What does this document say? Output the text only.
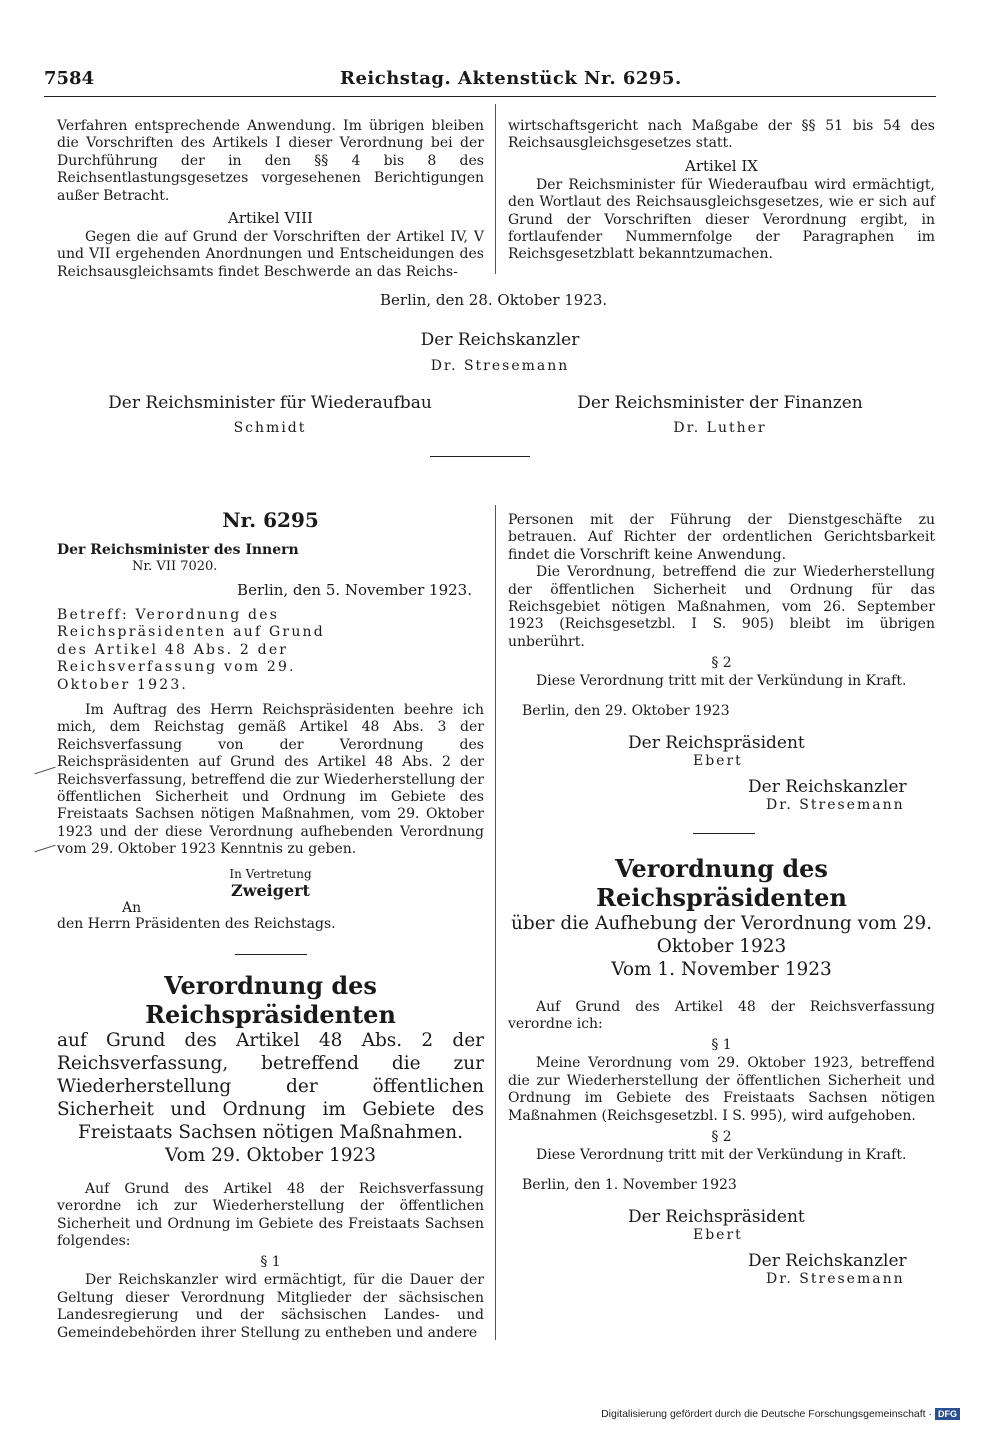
7584	Reichstag. Aktenstück Nr. 6295.

Verfahren entsprechende Anwendung. Im übrigen bleiben die Vorschriften des Artikels I dieser Verordnung bei der Durchführung der in den §§ 4 bis 8 des Reichsentlastungsgesetzes vorgesehenen Berichtigungen außer Betracht.

Artikel VIII

Gegen die auf Grund der Vorschriften der Artikel IV, V und VII ergehenden Anordnungen und Entscheidungen des Reichsausgleichsamts findet Beschwerde an das Reichs-

wirtschaftsgericht nach Maßgabe der §§ 51 bis 54 des Reichsausgleichsgesetzes statt.

Artikel IX

Der Reichsminister für Wiederaufbau wird ermächtigt, den Wortlaut des Reichsausgleichsgesetzes, wie er sich auf Grund der Vorschriften dieser Verordnung ergibt, in fortlaufender Nummernfolge der Paragraphen im Reichsgesetzblatt bekanntzumachen.

Berlin, den 28. Oktober 1923.
Der Reichskanzler
Dr. Stresemann
Der Reichsminister für Wiederaufbau
Schmidt
Der Reichsminister der Finanzen
Dr. Luther
Nr. 6295
Der Reichsminister des Innern
Nr. VII 7020.
Berlin, den 5. November 1923.

Betreff: Verordnung des Reichspräsidenten auf Grund des Artikel 48 Abs. 2 der Reichsverfassung vom 29. Oktober 1923.

Im Auftrag des Herrn Reichspräsidenten beehre ich mich, dem Reichstag gemäß Artikel 48 Abs. 3 der Reichsverfassung von der Verordnung des Reichspräsidenten auf Grund des Artikel 48 Abs. 2 der Reichsverfassung, betreffend die zur Wiederherstellung der öffentlichen Sicherheit und Ordnung im Gebiete des Freistaats Sachsen nötigen Maßnahmen, vom 29. Oktober 1923 und der diese Verordnung aufhebenden Verordnung vom 29. Oktober 1923 Kenntnis zu geben.

In Vertretung
Zweigert
An
den Herrn Präsidenten des Reichstags.
Verordnung des Reichspräsidenten
auf Grund des Artikel 48 Abs. 2 der Reichsverfassung, betreffend die zur Wiederherstellung der öffentlichen Sicherheit und Ordnung im Gebiete des Freistaats Sachsen nötigen Maßnahmen.
Vom 29. Oktober 1923

Auf Grund des Artikel 48 der Reichsverfassung verordne ich zur Wiederherstellung der öffentlichen Sicherheit und Ordnung im Gebiete des Freistaats Sachsen folgendes:

§ 1

Der Reichskanzler wird ermächtigt, für die Dauer der Geltung dieser Verordnung Mitglieder der sächsischen Landesregierung und der sächsischen Landes- und Gemeindebehörden ihrer Stellung zu entheben und andere

Personen mit der Führung der Dienstgeschäfte zu betrauen. Auf Richter der ordentlichen Gerichtsbarkeit findet die Vorschrift keine Anwendung.

Die Verordnung, betreffend die zur Wiederherstellung der öffentlichen Sicherheit und Ordnung für das Reichsgebiet nötigen Maßnahmen, vom 26. September 1923 (Reichsgesetzbl. I S. 905) bleibt im übrigen unberührt.

§ 2

Diese Verordnung tritt mit der Verkündung in Kraft.

Berlin, den 29. Oktober 1923
Der Reichspräsident
Ebert
Der Reichskanzler
Dr. Stresemann
Verordnung des Reichspräsidenten
über die Aufhebung der Verordnung vom 29. Oktober 1923
Vom 1. November 1923

Auf Grund des Artikel 48 der Reichsverfassung verordne ich:

§ 1

Meine Verordnung vom 29. Oktober 1923, betreffend die zur Wiederherstellung der öffentlichen Sicherheit und Ordnung im Gebiete des Freistaats Sachsen nötigen Maßnahmen (Reichsgesetzbl. I S. 995), wird aufgehoben.

§ 2

Diese Verordnung tritt mit der Verkündung in Kraft.

Berlin, den 1. November 1923
Der Reichspräsident
Ebert
Der Reichskanzler
Dr. Stresemann
Digitalisierung gefördert durch die Deutsche Forschungsgemeinschaft · DFG
